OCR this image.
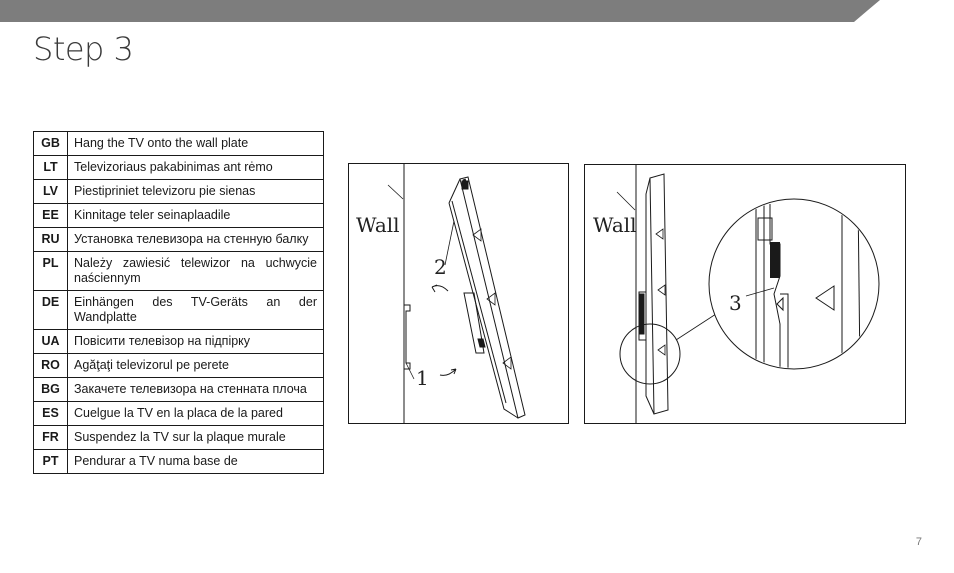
Step 3
GB	Hang the TV onto the wall plate
LT	Televizoriaus pakabinimas ant rėmo
LV	Piestipriniet televizoru pie sienas
EE	Kinnitage teler seinaplaadile
RU	Установка телевизора на стенную балку
PL	Należy zawiesić telewizor na uchwycie naściennym
DE	Einhängen des TV-Geräts an der Wandplatte
UA	Повісити телевізор на підпірку
RO	Agăţaţi televizorul pe perete
BG	Закачете телевизора на стенната плоча
ES	Cuelgue la TV en la placa de la pared
FR	Suspendez la TV sur la plaque murale
PT	Pendurar a TV numa base de
Wall
2
1
Wall
3
7
